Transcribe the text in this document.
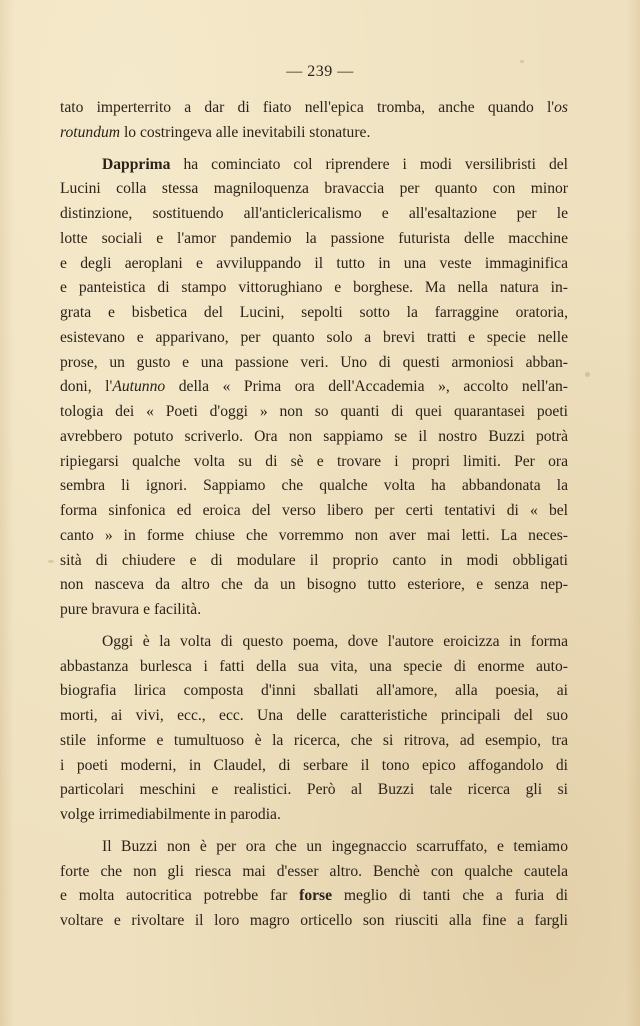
— 239 —
tato imperterrito a dar di fiato nell'epica tromba, anche quando l'os
rotundum lo costringeva alle inevitabili stonature.
Dapprima ha cominciato col riprendere i modi versilibristi del
Lucini colla stessa magniloquenza bravaccia per quanto con minor
distinzione, sostituendo all'anticlericalismo e all'esaltazione per le
lotte sociali e l'amor pandemio la passione futurista delle macchine
e degli aeroplani e avviluppando il tutto in una veste immaginifica
e panteistica di stampo vittorughiano e borghese. Ma nella natura in-
grata e bisbetica del Lucini, sepolti sotto la farraggine oratoria,
esistevano e apparivano, per quanto solo a brevi tratti e specie nelle
prose, un gusto e una passione veri. Uno di questi armoniosi abban-
doni, l'Autunno della « Prima ora dell'Accademia », accolto nell'an-
tologia dei « Poeti d'oggi » non so quanti di quei quarantasei poeti
avrebbero potuto scriverlo. Ora non sappiamo se il nostro Buzzi potrà
ripiegarsi qualche volta su di sè e trovare i propri limiti. Per ora
sembra li ignori. Sappiamo che qualche volta ha abbandonata la
forma sinfonica ed eroica del verso libero per certi tentativi di « bel
canto » in forme chiuse che vorremmo non aver mai letti. La neces-
sità di chiudere e di modulare il proprio canto in modi obbligati
non nasceva da altro che da un bisogno tutto esteriore, e senza nep-
pure bravura e facilità.
Oggi è la volta di questo poema, dove l'autore eroicizza in forma
abbastanza burlesca i fatti della sua vita, una specie di enorme auto-
biografia lirica composta d'inni sballati all'amore, alla poesia, ai
morti, ai vivi, ecc., ecc. Una delle caratteristiche principali del suo
stile informe e tumultuoso è la ricerca, che si ritrova, ad esempio, tra
i poeti moderni, in Claudel, di serbare il tono epico affogandolo di
particolari meschini e realistici. Però al Buzzi tale ricerca gli si
volge irrimediabilmente in parodia.
Il Buzzi non è per ora che un ingegnaccio scarruffato, e temiamo
forte che non gli riesca mai d'esser altro. Benchè con qualche cautela
e molta autocritica potrebbe far forse meglio di tanti che a furia di
voltare e rivoltare il loro magro orticello son riusciti alla fine a fargli
